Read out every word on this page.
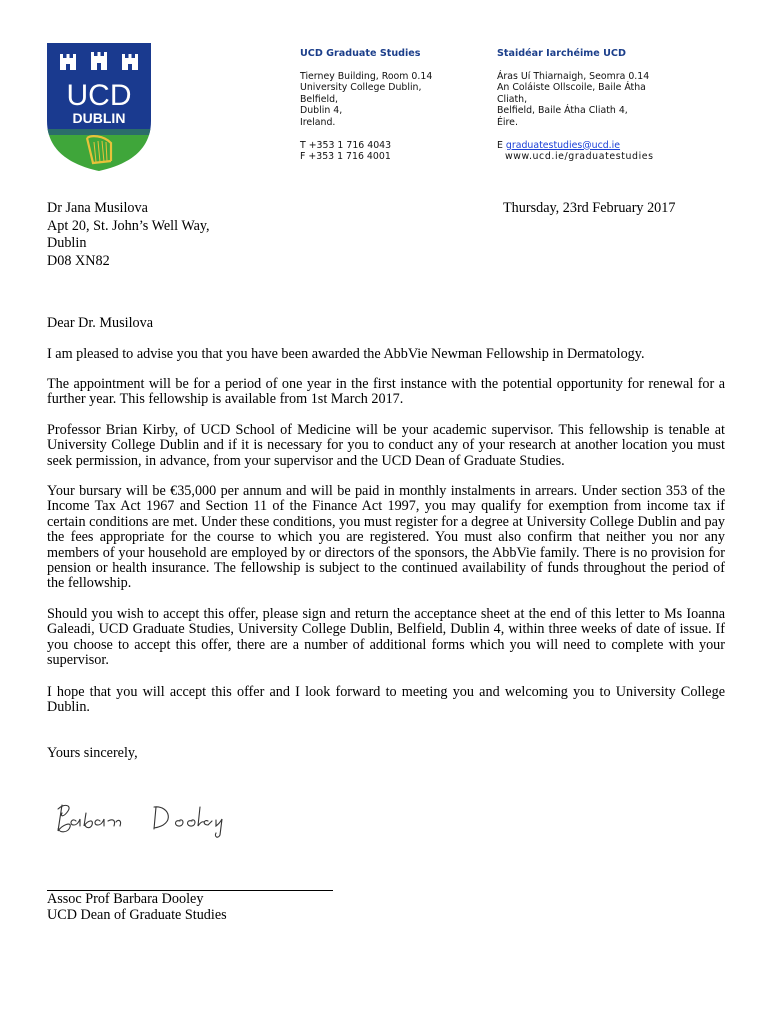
UCD
DUBLIN
UCD Graduate Studies
Tierney Building, Room 0.14
University College Dublin,
Belfield,
Dublin 4,
Ireland.
T +353 1 716 4043
F +353 1 716 4001
Staidéar Iarchéime UCD
Áras Uí Thiarnaigh, Seomra 0.14
An Coláiste Ollscoile, Baile Átha
Cliath,
Belfield, Baile Átha Cliath 4,
Éire.
E graduatestudies@ucd.ie
www.ucd.ie/graduatestudies
Dr Jana Musilova
Apt 20, St. John’s Well Way,
Dublin
D08 XN82
Thursday, 23rd February 2017
Dear Dr. Musilova

I am pleased to advise you that you have been awarded the AbbVie Newman Fellowship in Dermatology.

The appointment will be for a period of one year in the first instance with the potential opportunity for renewal for a further year. This fellowship is available from 1st March 2017.

Professor Brian Kirby, of UCD School of Medicine will be your academic supervisor. This fellowship is tenable at University College Dublin and if it is necessary for you to conduct any of your research at another location you must seek permission, in advance, from your supervisor and the UCD Dean of Graduate Studies.

Your bursary will be €35,000 per annum and will be paid in monthly instalments in arrears. Under section 353 of the Income Tax Act 1967 and Section 11 of the Finance Act 1997, you may qualify for exemption from income tax if certain conditions are met. Under these conditions, you must register for a degree at University College Dublin and pay the fees appropriate for the course to which you are registered. You must also confirm that neither you nor any members of your household are employed by or directors of the sponsors, the AbbVie family. There is no provision for pension or health insurance. The fellowship is subject to the continued availability of funds throughout the period of the fellowship.

Should you wish to accept this offer, please sign and return the acceptance sheet at the end of this letter to Ms Ioanna Galeadi, UCD Graduate Studies, University College Dublin, Belfield, Dublin 4, within three weeks of date of issue. If you choose to accept this offer, there are a number of additional forms which you will need to complete with your supervisor.

I hope that you will accept this offer and I look forward to meeting you and welcoming you to University College Dublin.

Yours sincerely,
Assoc Prof Barbara Dooley
UCD Dean of Graduate Studies
